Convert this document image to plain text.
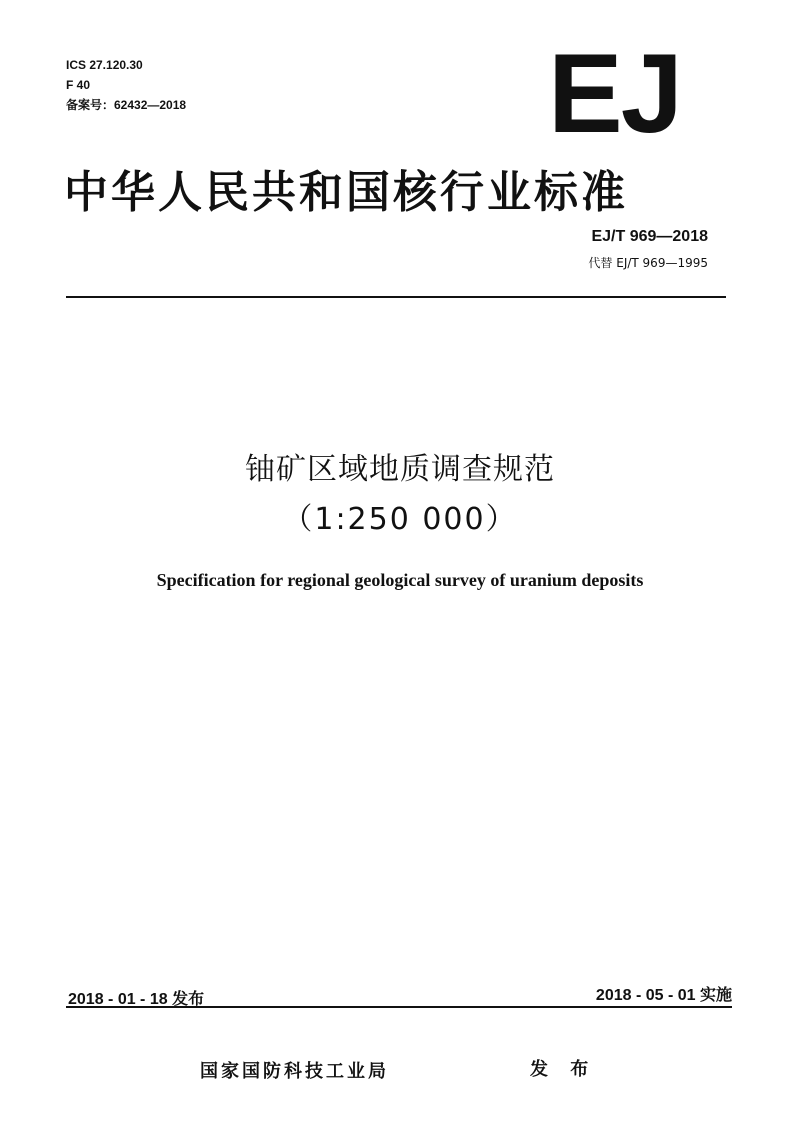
ICS 27.120.30
F 40
备案号：62432—2018	EJ
中华人民共和国核行业标准
EJ/T 969—2018
代替 EJ/T 969—1995
铀矿区域地质调查规范
（1:250 000）
Specification for regional geological survey of uranium deposits
2018 - 01 - 18 发布	2018 - 05 - 01 实施
国家国防科技工业局	发 布
